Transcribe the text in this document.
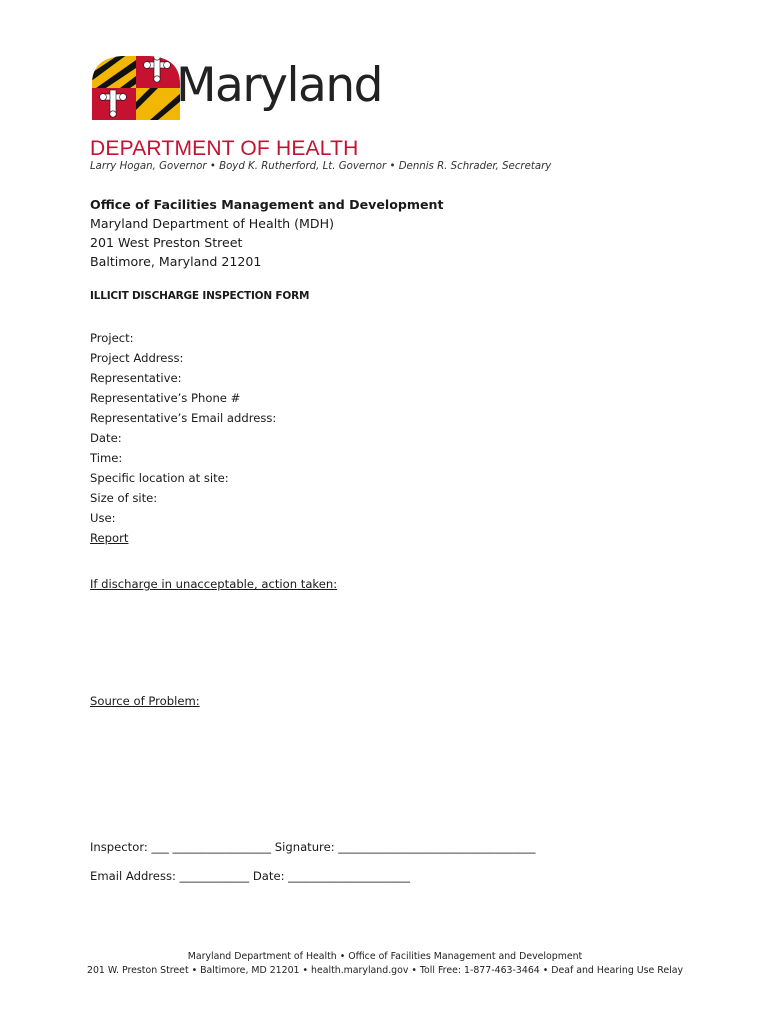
Maryland
DEPARTMENT OF HEALTH
Larry Hogan, Governor • Boyd K. Rutherford, Lt. Governor • Dennis R. Schrader, Secretary
Office of Facilities Management and Development
Maryland Department of Health (MDH)
201 West Preston Street
Baltimore, Maryland 21201
ILLICIT DISCHARGE INSPECTION FORM
Project:
Project Address:
Representative:
Representative’s Phone #
Representative’s Email address:
Date:
Time:
Specific location at site:
Size of site:
Use:
Report
If discharge in unacceptable, action taken:
Source of Problem:
Inspector: ___ _________________ Signature: __________________________________
Email Address: ____________ Date: _____________________
Maryland Department of Health • Office of Facilities Management and Development
201 W. Preston Street • Baltimore, MD 21201 • health.maryland.gov • Toll Free: 1-877-463-3464 • Deaf and Hearing Use Relay
